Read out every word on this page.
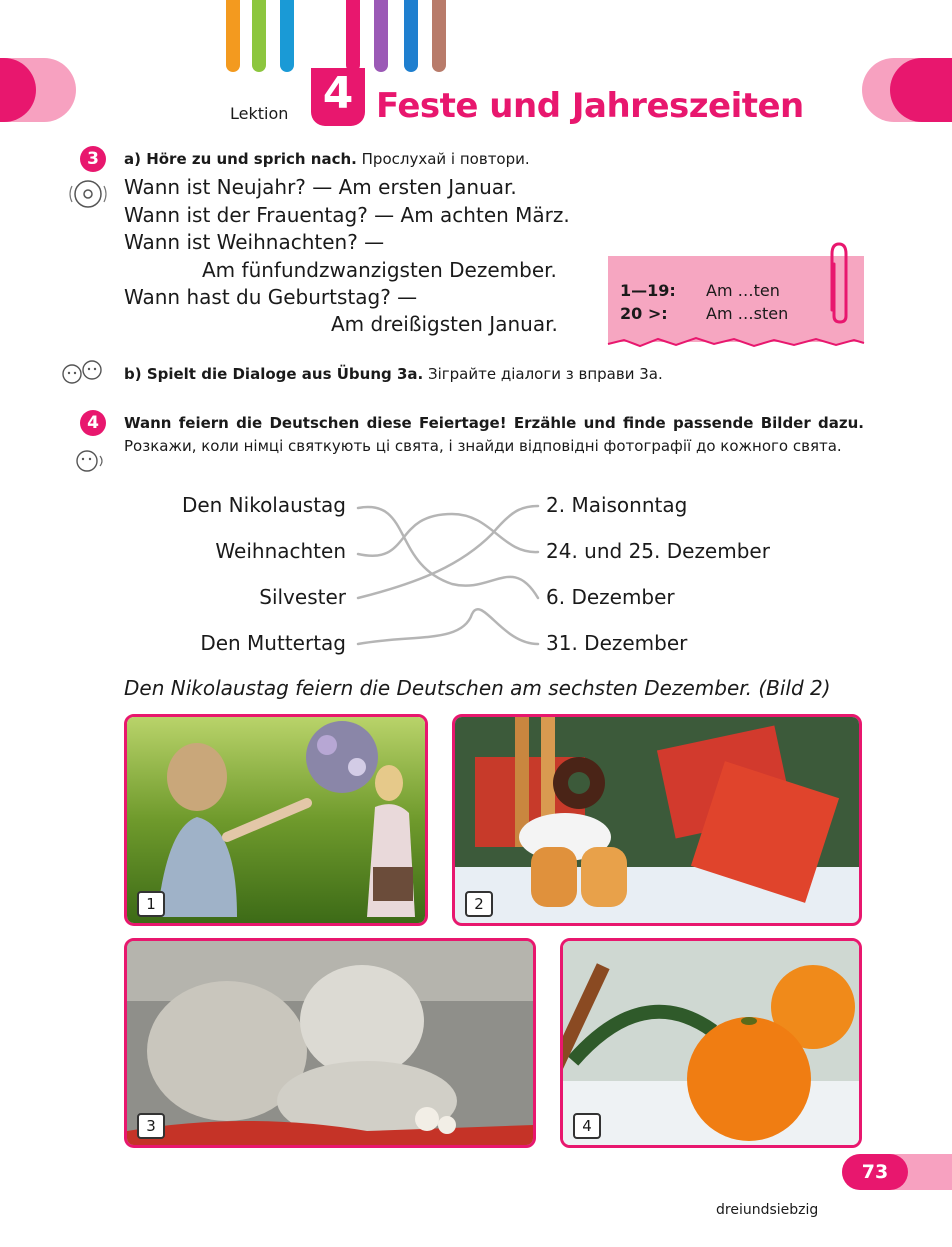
Lektion 4 Feste und Jahreszeiten
3	a) Höre zu und sprich nach. Прослухай і повтори.
Wann ist Neujahr? — Am ersten Januar.
Wann ist der Frauentag? — Am achten März.
Wann ist Weihnachten? —
Am fünfundzwanzigsten Dezember.
Wann hast du Geburtstag? —
Am dreißigsten Januar.
1—19: Am …ten
20 >: Am …sten
b) Spielt die Dialoge aus Übung 3a. Зіграйте діалоги з вправи 3а.
4	Wann feiern die Deutschen diese Feiertage! Erzähle und finde passende Bilder dazu. Розкажи, коли німці святкують ці свята, і знайди відповідні фотографії до кожного свята.
Den Nikolaustag
Weihnachten
Silvester
Den Muttertag
2. Maisonntag
24. und 25. Dezember
6. Dezember
31. Dezember
Den Nikolaustag feiern die Deutschen am sechsten Dezember. (Bild 2)
1	2
3	4
dreiundsiebzig
73
